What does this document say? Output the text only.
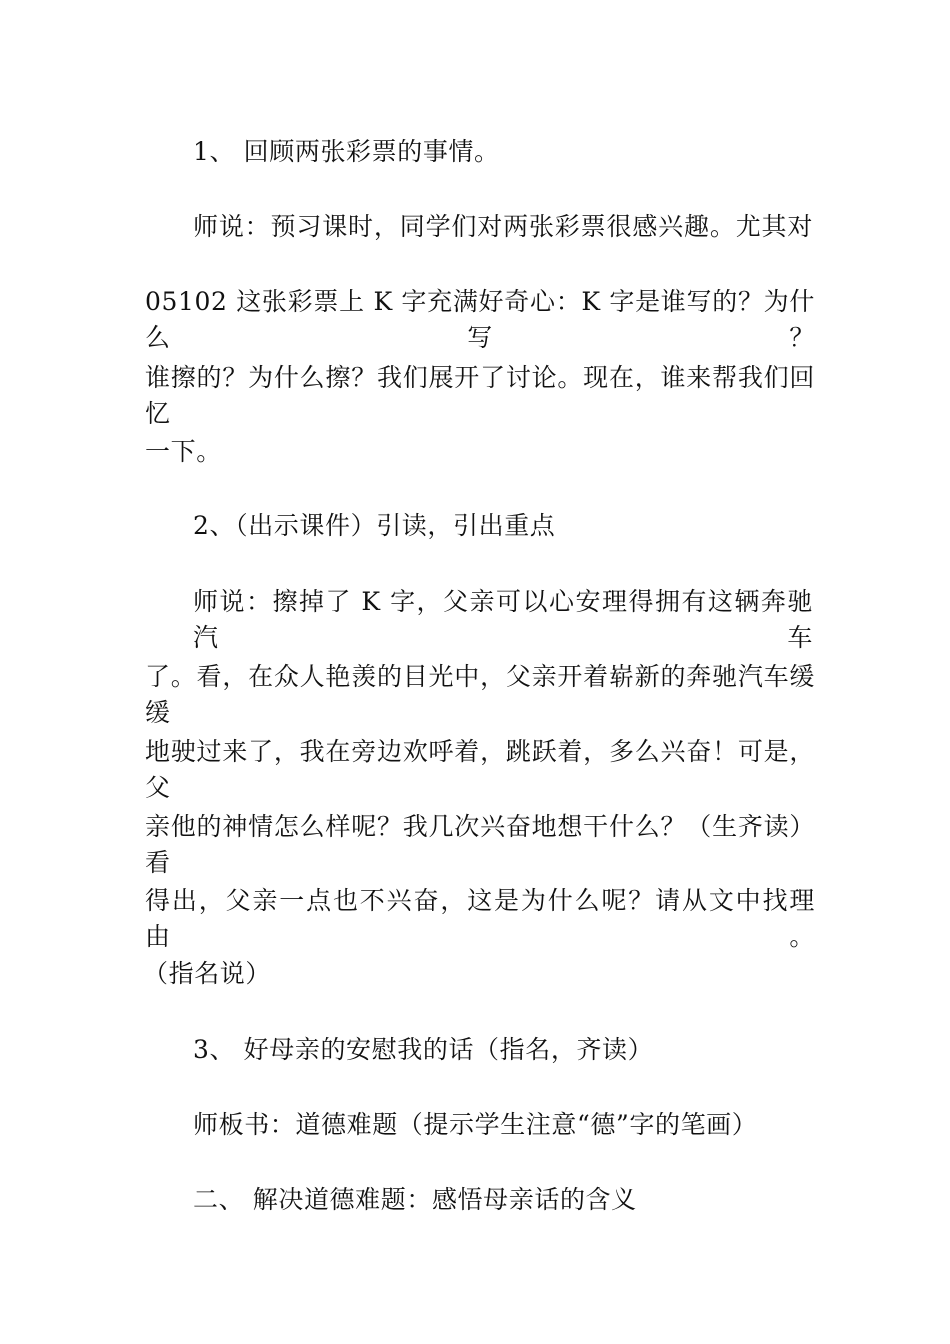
1、 回顾两张彩票的事情。
师说：预习课时，同学们对两张彩票很感兴趣。尤其对
05102 这张彩票上 K 字充满好奇心：K 字是谁写的？为什么写？
谁擦的？为什么擦？我们展开了讨论。现在，谁来帮我们回忆
一下。
2、（出示课件）引读，引出重点
师说：擦掉了 K 字，父亲可以心安理得拥有这辆奔驰汽车
了。看，在众人艳羡的目光中，父亲开着崭新的奔驰汽车缓缓
地驶过来了，我在旁边欢呼着，跳跃着，多么兴奋！可是，父
亲他的神情怎么样呢？我几次兴奋地想干什么？（生齐读）看
得出，父亲一点也不兴奋，这是为什么呢？请从文中找理由。
（指名说）
3、 好母亲的安慰我的话（指名，齐读）
师板书：道德难题（提示学生注意“德”字的笔画）
二、 解决道德难题：感悟母亲话的含义
